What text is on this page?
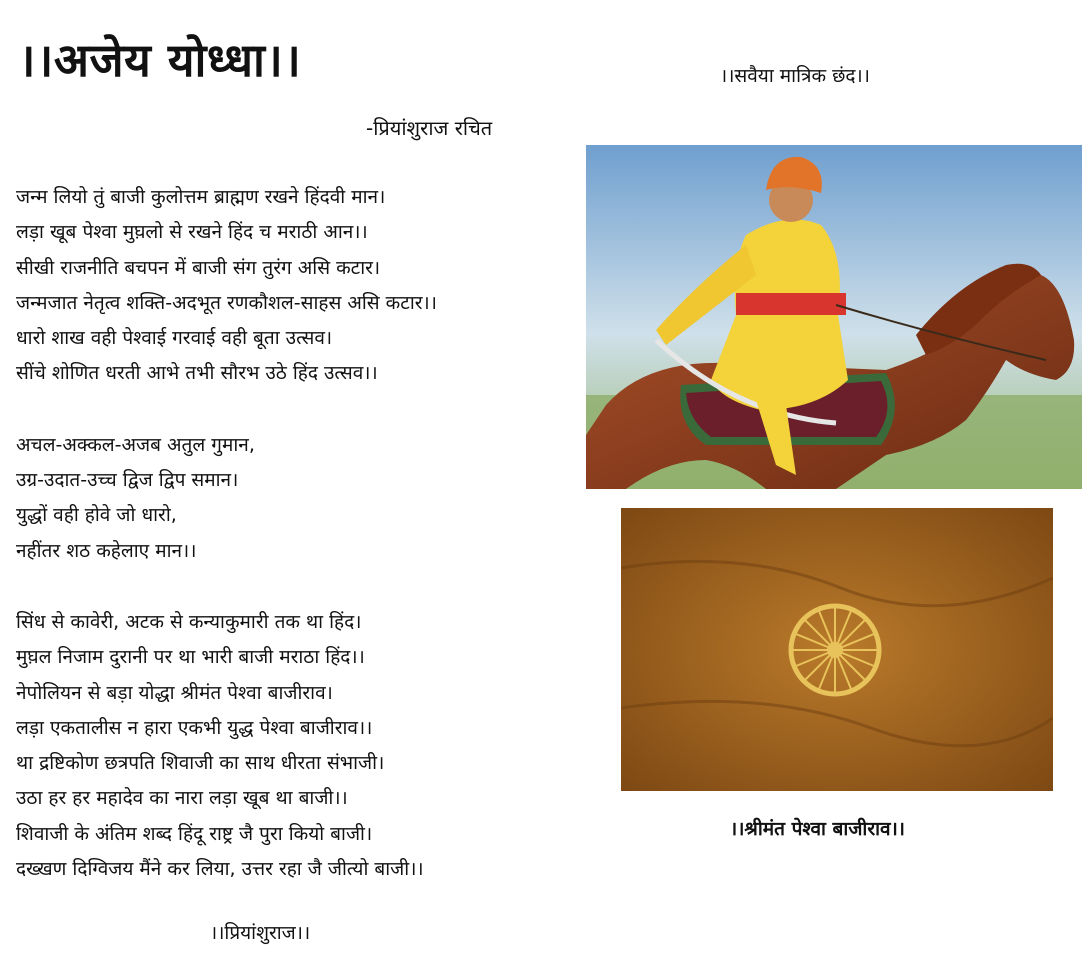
।।अजेय योध्धा।।	।।सवैया मात्रिक छंद।।
-प्रियांशुराज रचित
जन्म लियो तुं बाजी कुलोत्तम ब्राह्मण रखने हिंदवी मान।
लड़ा खूब पेश्वा मुघ़लो से रखने हिंद च मराठी आन।।
सीखी राजनीति बचपन में बाजी संग तुरंग असि कटार।
जन्मजात नेतृत्व शक्ति-अदभूत रणकौशल-साहस असि कटार।।
धारो शाख वही पेश्वाई गरवाई वही बूता उत्सव।
सींचे शोणित धरती आभे तभी सौरभ उठे हिंद उत्सव।।
अचल-अक्कल-अजब अतुल गुमान,
उग्र-उदात-उच्च द्विज द्विप समान।
युद्धों वही होवे जो धारो,
नहींतर शठ कहेलाए मान।।
सिंध से कावेरी, अटक से कन्याकुमारी तक था हिंद।
मुघ़ल निजाम दुरानी पर था भारी बाजी मराठा हिंद।।
नेपोलियन से बड़ा योद्धा श्रीमंत पेश्वा बाजीराव।
लड़ा एकतालीस न हारा एकभी युद्ध पेश्वा बाजीराव।।
था द्रष्टिकोण छत्रपति शिवाजी का साथ धीरता संभाजी।
उठा हर हर महादेव का नारा लड़ा खूब था बाजी।।
शिवाजी के अंतिम शब्द हिंदू राष्ट्र जै पुरा कियो बाजी।
दख्खण दिग्विजय मैंने कर लिया, उत्तर रहा जै जीत्यो बाजी।।
।।प्रियांशुराज।।
।।श्रीमंत पेश्वा बाजीराव।।
